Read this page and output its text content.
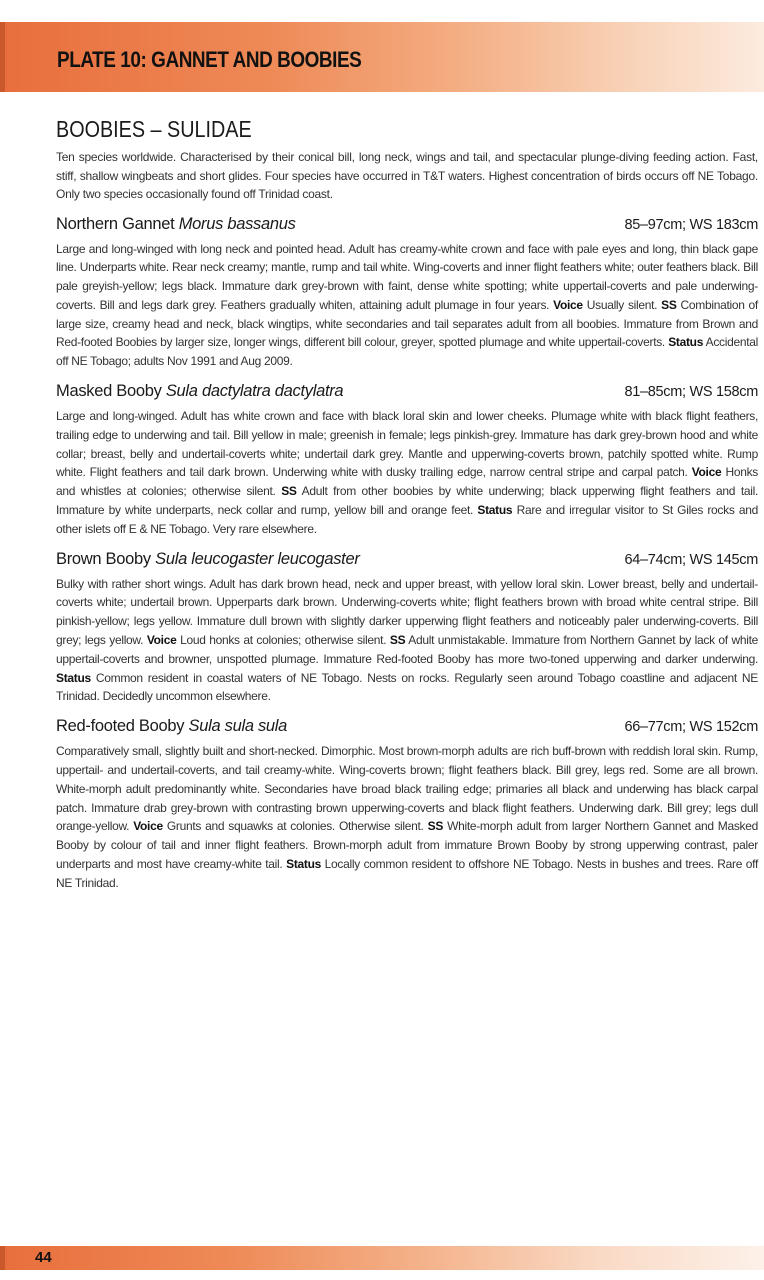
PLATE 10: GANNET AND BOOBIES
BOOBIES – SULIDAE

Ten species worldwide. Characterised by their conical bill, long neck, wings and tail, and spectacular plunge-diving feeding action. Fast, stiff, shallow wingbeats and short glides. Four species have occurred in T&T waters. Highest concentration of birds occurs off NE Tobago. Only two species occasionally found off Trinidad coast.

Northern Gannet Morus bassanus	85–97cm; WS 183cm

Large and long-winged with long neck and pointed head. Adult has creamy-white crown and face with pale eyes and long, thin black gape line. Underparts white. Rear neck creamy; mantle, rump and tail white. Wing-coverts and inner flight feathers white; outer feathers black. Bill pale greyish-yellow; legs black. Immature dark grey-brown with faint, dense white spotting; white uppertail-coverts and pale underwing-coverts. Bill and legs dark grey. Feathers gradually whiten, attaining adult plumage in four years. Voice Usually silent. SS Combination of large size, creamy head and neck, black wingtips, white secondaries and tail separates adult from all boobies. Immature from Brown and Red-footed Boobies by larger size, longer wings, different bill colour, greyer, spotted plumage and white uppertail-coverts. Status Accidental off NE Tobago; adults Nov 1991 and Aug 2009.

Masked Booby Sula dactylatra dactylatra	81–85cm; WS 158cm

Large and long-winged. Adult has white crown and face with black loral skin and lower cheeks. Plumage white with black flight feathers, trailing edge to underwing and tail. Bill yellow in male; greenish in female; legs pinkish-grey. Immature has dark grey-brown hood and white collar; breast, belly and undertail-coverts white; undertail dark grey. Mantle and upperwing-coverts brown, patchily spotted white. Rump white. Flight feathers and tail dark brown. Underwing white with dusky trailing edge, narrow central stripe and carpal patch. Voice Honks and whistles at colonies; otherwise silent. SS Adult from other boobies by white underwing; black upperwing flight feathers and tail. Immature by white underparts, neck collar and rump, yellow bill and orange feet. Status Rare and irregular visitor to St Giles rocks and other islets off E & NE Tobago. Very rare elsewhere.

Brown Booby Sula leucogaster leucogaster	64–74cm; WS 145cm

Bulky with rather short wings. Adult has dark brown head, neck and upper breast, with yellow loral skin. Lower breast, belly and undertail-coverts white; undertail brown. Upperparts dark brown. Underwing-coverts white; flight feathers brown with broad white central stripe. Bill pinkish-yellow; legs yellow. Immature dull brown with slightly darker upperwing flight feathers and noticeably paler underwing-coverts. Bill grey; legs yellow. Voice Loud honks at colonies; otherwise silent. SS Adult unmistakable. Immature from Northern Gannet by lack of white uppertail-coverts and browner, unspotted plumage. Immature Red-footed Booby has more two-toned upperwing and darker underwing. Status Common resident in coastal waters of NE Tobago. Nests on rocks. Regularly seen around Tobago coastline and adjacent NE Trinidad. Decidedly uncommon elsewhere.

Red-footed Booby Sula sula sula	66–77cm; WS 152cm

Comparatively small, slightly built and short-necked. Dimorphic. Most brown-morph adults are rich buff-brown with reddish loral skin. Rump, uppertail- and undertail-coverts, and tail creamy-white. Wing-coverts brown; flight feathers black. Bill grey, legs red. Some are all brown. White-morph adult predominantly white. Secondaries have broad black trailing edge; primaries all black and underwing has black carpal patch. Immature drab grey-brown with contrasting brown upperwing-coverts and black flight feathers. Underwing dark. Bill grey; legs dull orange-yellow. Voice Grunts and squawks at colonies. Otherwise silent. SS White-morph adult from larger Northern Gannet and Masked Booby by colour of tail and inner flight feathers. Brown-morph adult from immature Brown Booby by strong upperwing contrast, paler underparts and most have creamy-white tail. Status Locally common resident to offshore NE Tobago. Nests in bushes and trees. Rare off NE Trinidad.

44
